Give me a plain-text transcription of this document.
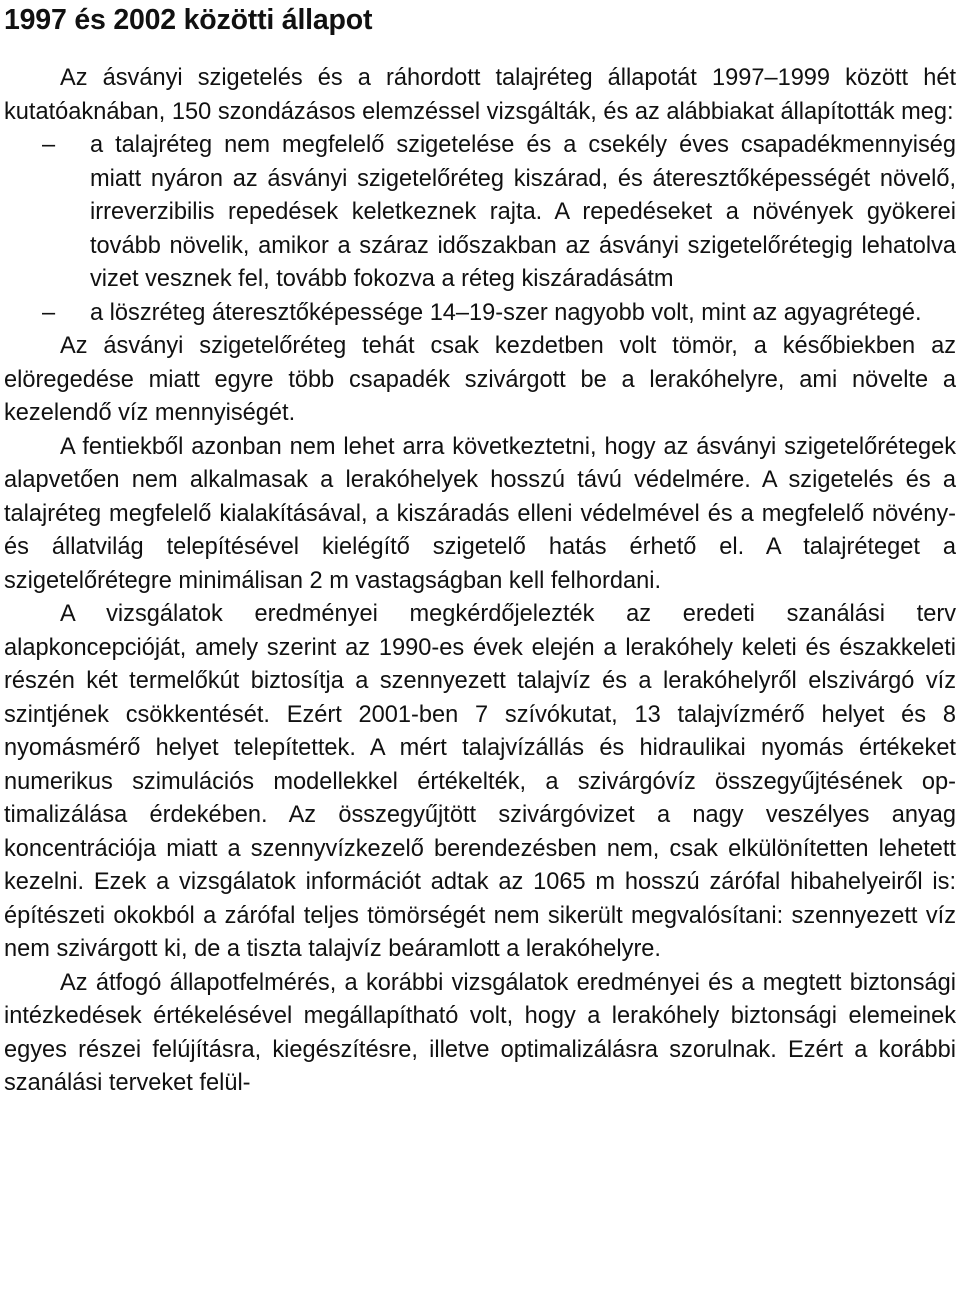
1997 és 2002 közötti állapot

Az ásványi szigetelés és a ráhordott talajréteg állapotát 1997–1999 között hét kutatóaknában, 150 szondázásos elemzéssel vizsgálták, és az alábbiakat állapították meg:

– a talajréteg nem megfelelő szigetelése és a csekély éves csapadékmennyiség miatt nyáron az ásványi szigetelőréteg kiszárad, és áteresztőképességét növelő, irreverzibilis repedések keletkeznek rajta. A repedéseket a növények gyökerei tovább növelik, amikor a száraz időszakban az ásványi szigetelőrétegig lehatolva vizet vesznek fel, tovább fokozva a réteg kiszáradásátm
– a löszréteg áteresztőképessége 14–19-szer nagyobb volt, mint az agyagrétegé.

Az ásványi szigetelőréteg tehát csak kezdetben volt tömör, a későbiekben az elöregedése miatt egyre több csapadék szivárgott be a lerakóhelyre, ami növelte a kezelendő víz mennyiségét.

A fentiekből azonban nem lehet arra következtetni, hogy az ásványi szigetelőrétegek alapvetően nem alkalmasak a lerakóhelyek hosszú távú védelmére. A szigetelés és a talajréteg megfelelő kialakításával, a kiszáradás elleni védelmével és a megfelelő növény- és állatvilág telepítésével kielégítő szigetelő hatás érhető el. A talajréteget a szigetelőrétegre minimálisan 2 m vastagságban kell felhordani.

A vizsgálatok eredményei megkérdőjelezték az eredeti szanálási terv alapkoncepcióját, amely szerint az 1990-es évek elején a lerakóhely keleti és északkeleti részén két termelőkút biztosítja a szennyezett talajvíz és a lerakóhelyről elszivárgó víz szintjének csökkentését. Ezért 2001-ben 7 szívókutat, 13 talajvízmérő helyet és 8 nyomásmérő helyet telepítettek. A mért talajvízállás és hidraulikai nyomás értékeket numerikus szimulációs modellekkel értékelték, a szivárgóvíz összegyűjtésének optimalizálása érdekében. Az összegyűjtött szivárgóvizet a nagy veszélyes anyag koncentrációja miatt a szennyvízkezelő berendezésben nem, csak elkülönítetten lehetett kezelni. Ezek a vizsgálatok információt adtak az 1065 m hosszú zárófal hibahelyeiről is: építészeti okokból a zárófal teljes tömörségét nem sikerült megvalósítani: szennyezett víz nem szivárgott ki, de a tiszta talajvíz beáramlott a lerakóhelyre.

Az átfogó állapotfelmérés, a korábbi vizsgálatok eredményei és a megtett biztonsági intézkedések értékelésével megállapítható volt, hogy a lerakóhely biztonsági elemeinek egyes részei felújításra, kiegészítésre, illetve optimalizálásra szorulnak. Ezért a korábbi szanálási terveket felül-
